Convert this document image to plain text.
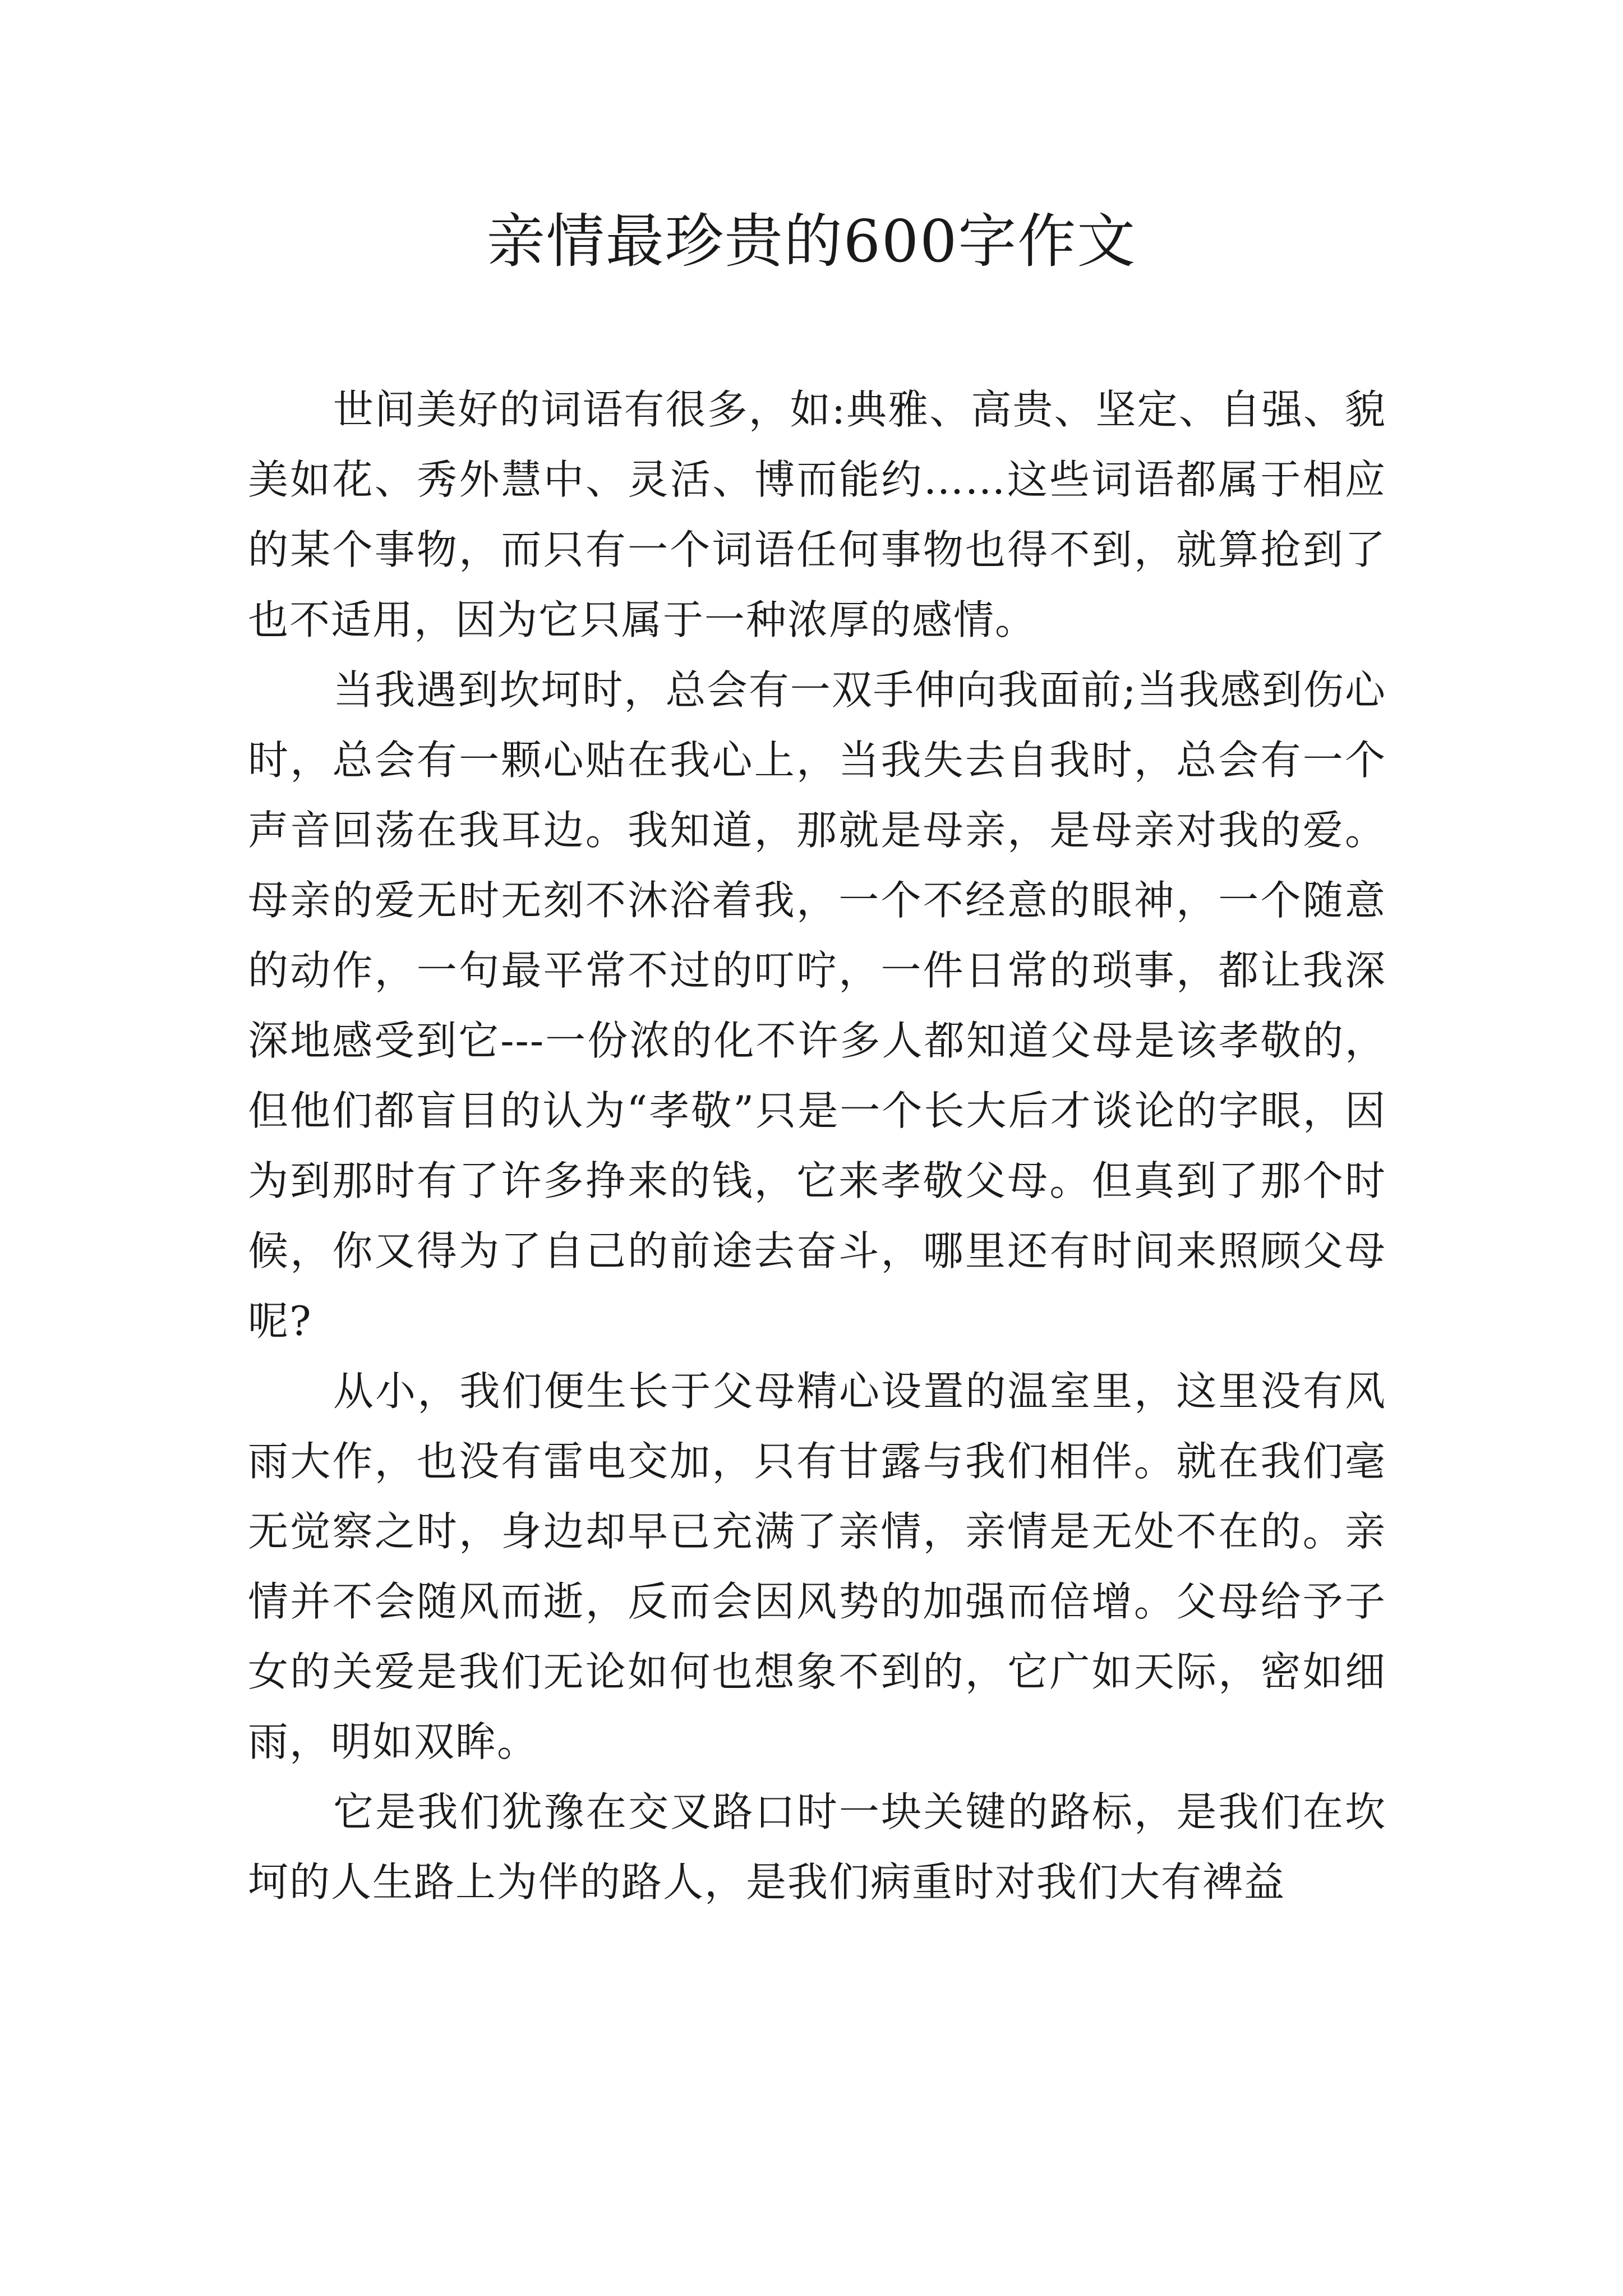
亲情最珍贵的600字作文

世间美好的词语有很多，如:典雅、高贵、坚定、自强、貌美如花、秀外慧中、灵活、博而能约……这些词语都属于相应的某个事物，而只有一个词语任何事物也得不到，就算抢到了也不适用，因为它只属于一种浓厚的感情。

当我遇到坎坷时，总会有一双手伸向我面前;当我感到伤心时，总会有一颗心贴在我心上，当我失去自我时，总会有一个声音回荡在我耳边。我知道，那就是母亲，是母亲对我的爱。母亲的爱无时无刻不沐浴着我，一个不经意的眼神，一个随意的动作，一句最平常不过的叮咛，一件日常的琐事，都让我深深地感受到它---一份浓的化不许多人都知道父母是该孝敬的，但他们都盲目的认为“孝敬”只是一个长大后才谈论的字眼，因为到那时有了许多挣来的钱，它来孝敬父母。但真到了那个时候，你又得为了自己的前途去奋斗，哪里还有时间来照顾父母呢?

从小，我们便生长于父母精心设置的温室里，这里没有风雨大作，也没有雷电交加，只有甘露与我们相伴。就在我们毫无觉察之时，身边却早已充满了亲情，亲情是无处不在的。亲情并不会随风而逝，反而会因风势的加强而倍增。父母给予子女的关爱是我们无论如何也想象不到的，它广如天际，密如细雨，明如双眸。

它是我们犹豫在交叉路口时一块关键的路标，是我们在坎坷的人生路上为伴的路人，是我们病重时对我们大有裨益
